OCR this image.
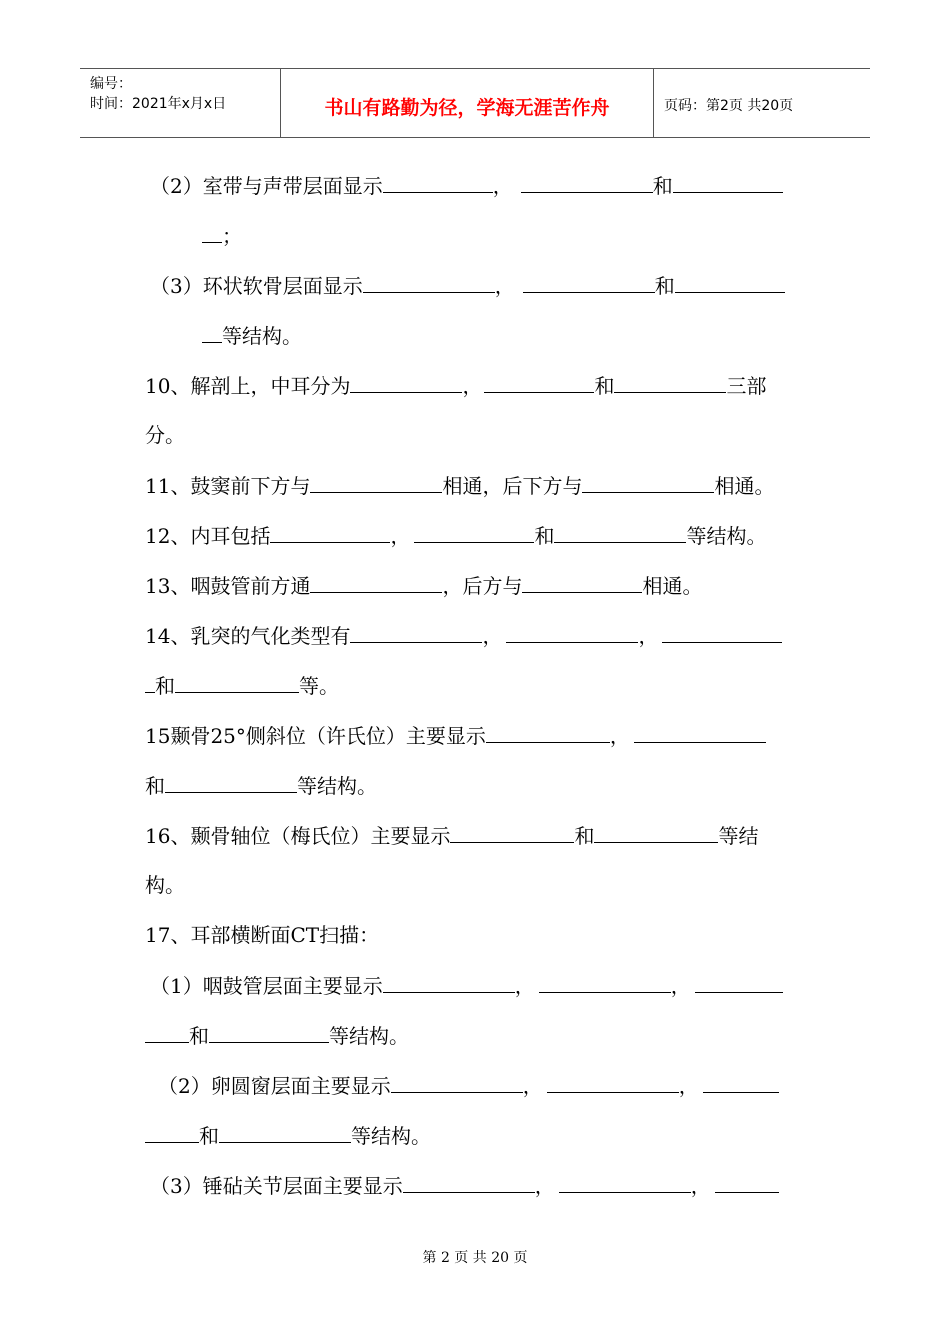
编号：
时间：2021年x月x日	书山有路勤为径，学海无涯苦作舟	页码：第2页 共20页
（2）室带与声带层面显示	，	和
；
（3）环状软骨层面显示	，	和
等结构。
10、解剖上，中耳分为	，	和	三部
分。
11、鼓窦前下方与	相通，后下方与	相通。
12、内耳包括	，	和	等结构。
13、咽鼓管前方通	，后方与	相通。
14、乳突的气化类型有	，	，
和	等。
15颞骨25°侧斜位（许氏位）主要显示	，
和	等结构。
16、颞骨轴位（梅氏位）主要显示	和	等结
构。
17、耳部横断面CT扫描：
（1）咽鼓管层面主要显示	，	，
和	等结构。
（2）卵圆窗层面主要显示	，	，
和	等结构。
（3）锤砧关节层面主要显示	，	，
第 2 页 共 20 页
